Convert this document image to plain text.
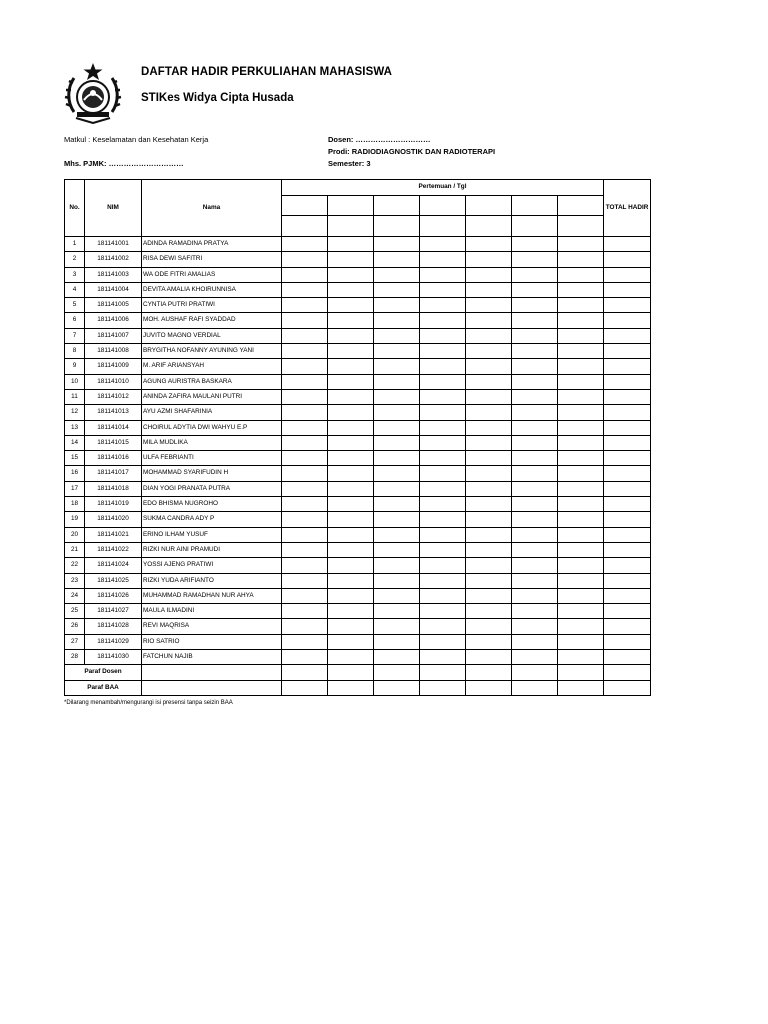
DAFTAR HADIR PERKULIAHAN MAHASISWA
STIKes Widya Cipta Husada
Matkul : Keselamatan dan Kesehatan Kerja
Mhs. PJMK: …………………………
Dosen: …………………………
Prodi: RADIODIAGNOSTIK DAN RADIOTERAPI
Semester: 3
No.	NIM	Nama	Pertemuan / Tgl							TOTAL HADIR

1	181141001	ADINDA RAMADINA PRATYA								
2	181141002	RISA DEWI SAFITRI								
3	181141003	WA ODE FITRI AMALIAS								
4	181141004	DEVITA AMALIA KHOIRUNNISA								
5	181141005	CYNTIA PUTRI PRATIWI								
6	181141006	MOH. AUSHAF RAFI SYADDAD								
7	181141007	JUVITO MAGNO VERDIAL								
8	181141008	BRYGITHA NOFANNY AYUNING YANI								
9	181141009	M. ARIF ARIANSYAH								
10	181141010	AGUNG AURISTRA BASKARA								
11	181141012	ANINDA ZAFIRA MAULANI PUTRI								
12	181141013	AYU AZMI SHAFARINIA								
13	181141014	CHOIRUL ADYTIA DWI WAHYU E.P								
14	181141015	MILA MUDLIKA								
15	181141016	ULFA FEBRIANTI								
16	181141017	MOHAMMAD SYARIFUDIN H								
17	181141018	DIAN YOGI PRANATA PUTRA								
18	181141019	EDO BHISMA NUGROHO								
19	181141020	SUKMA CANDRA ADY P								
20	181141021	ERINO ILHAM YUSUF								
21	181141022	RIZKI NUR AINI PRAMUDI								
22	181141024	YOSSI AJENG PRATIWI								
23	181141025	RIZKI YUDA ARIFIANTO								
24	181141026	MUHAMMAD RAMADHAN NUR AHYA								
25	181141027	MAULA ILMADINI								
26	181141028	REVI MAQRISA								
27	181141029	RIO SATRIO								
28	181141030	FATCHUN NAJIB								
Paraf Dosen										
Paraf BAA										
*Dilarang menambah/mengurangi isi presensi tanpa seizin BAA
